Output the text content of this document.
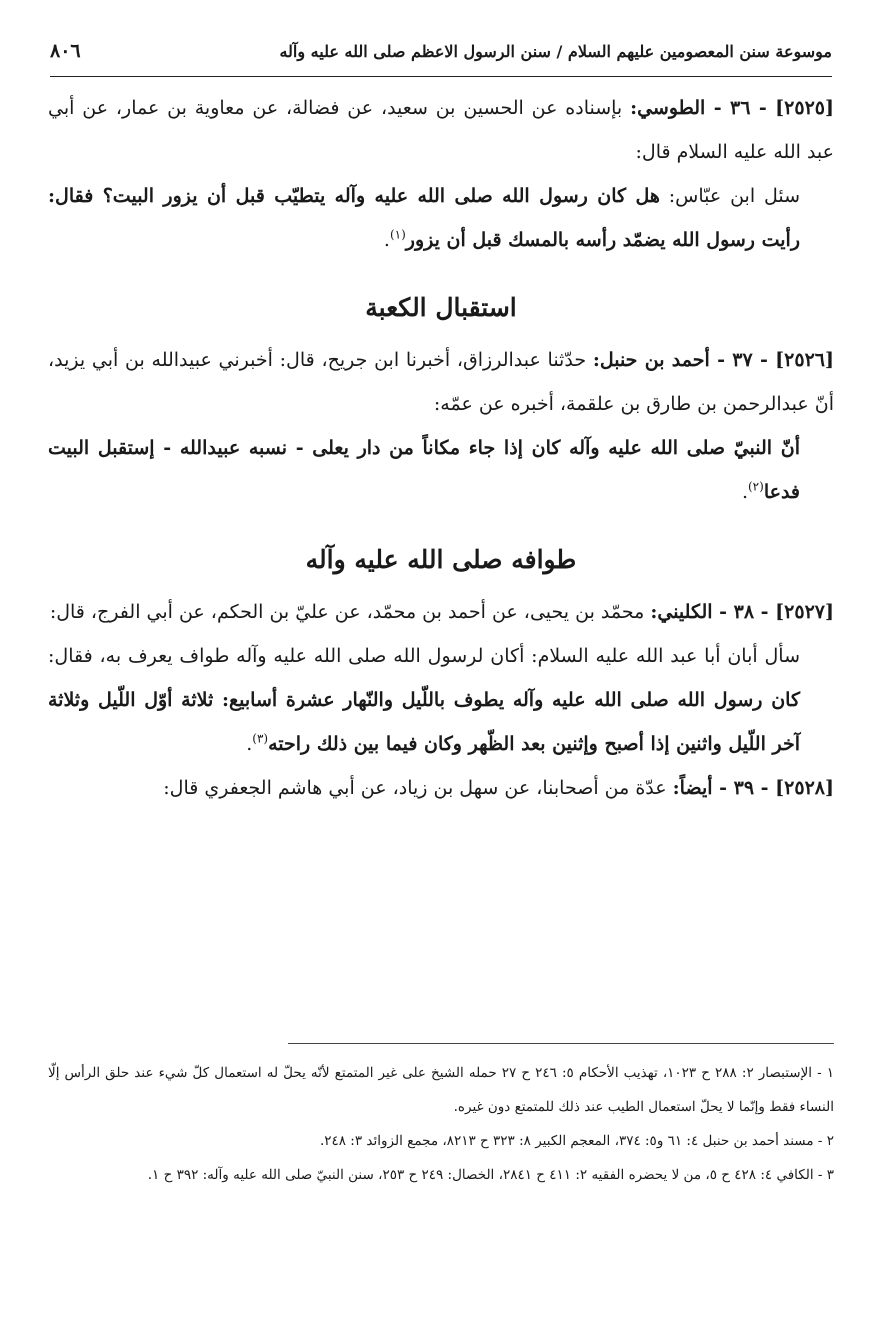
موسوعة سنن المعصومين عليهم السلام / سنن الرسول الاعظم صلى الله عليه وآله
٨٠٦

[٢٥٢٥] - ٣٦ - الطوسي: بإسناده عن الحسين بن سعيد، عن فضالة، عن معاوية بن عمار، عن أبي عبد الله عليه السلام قال:

سئل ابن عبّاس: هل كان رسول الله صلى الله عليه وآله يتطيّب قبل أن يزور البيت؟ فقال: رأيت رسول الله يضمّد رأسه بالمسك قبل أن يزور$^{(١)}$.

استقبال الكعبة

[٢٥٢٦] - ٣٧ - أحمد بن حنبل: حدّثنا عبدالرزاق، أخبرنا ابن جريح، قال: أخبرني عبيدالله بن أبي يزيد، أنّ عبدالرحمن بن طارق بن علقمة، أخبره عن عمّه:

أنّ النبيّ صلى الله عليه وآله كان إذا جاء مكاناً من دار يعلى - نسبه عبيدالله - إستقبل البيت فدعا$^{(٢)}$.

طوافه صلى الله عليه وآله

[٢٥٢٧] - ٣٨ - الكليني: محمّد بن يحيى، عن أحمد بن محمّد، عن عليّ بن الحكم، عن أبي الفرج، قال:

سأل أبان أبا عبد الله عليه السلام: أكان لرسول الله صلى الله عليه وآله طواف يعرف به، فقال: كان رسول الله صلى الله عليه وآله يطوف باللّيل والنّهار عشرة أسابيع: ثلاثة أوّل اللّيل وثلاثة آخر اللّيل واثنين إذا أصبح وإثنين بعد الظّهر وكان فيما بين ذلك راحته$^{(٣)}$.

[٢٥٢٨] - ٣٩ - أيضاً: عدّة من أصحابنا، عن سهل بن زياد، عن أبي هاشم الجعفري قال:

١ - الإستبصار ٢: ٢٨٨ ح ١٠٢٣، تهذيب الأحكام ٥: ٢٤٦ ح ٢٧ حمله الشيخ على غير المتمتع لأنّه يحلّ له استعمال كلّ شيء عند حلق الرأس إلّا النساء فقط وإنّما لا يحلّ استعمال الطيب عند ذلك للمتمتع دون غيره.

٢ - مسند أحمد بن حنبل ٤: ٦١ و٥: ٣٧٤، المعجم الكبير ٨: ٣٢٣ ح ٨٢١٣، مجمع الزوائد ٣: ٢٤٨.

٣ - الكافي ٤: ٤٢٨ ح ٥، من لا يحضره الفقيه ٢: ٤١١ ح ٢٨٤١، الخصال: ٢٤٩ ح ٢٥٣، سنن النبيّ صلى الله عليه وآله: ٣٩٢ ح ١.
